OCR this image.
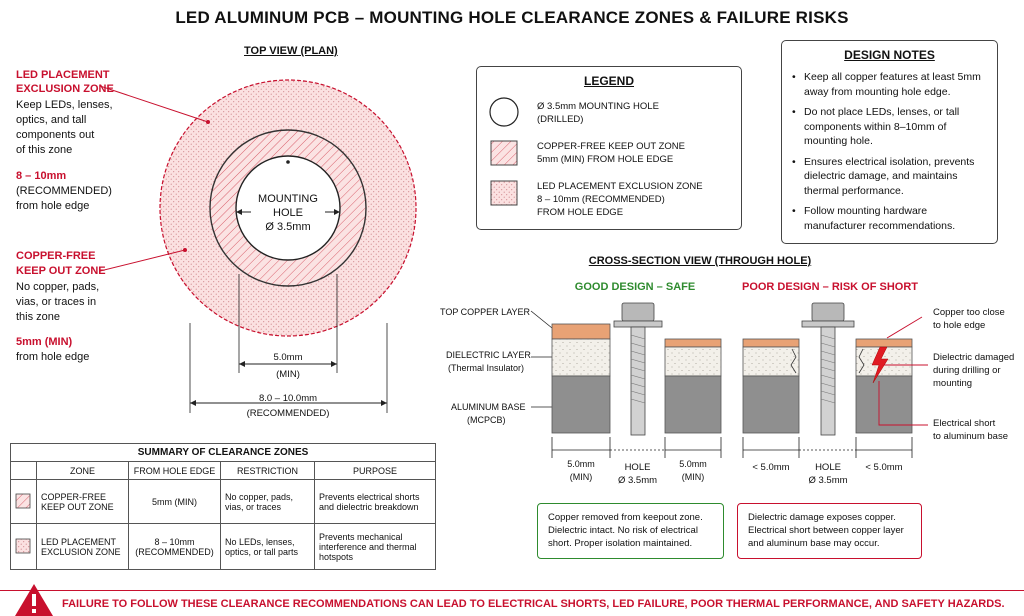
LED ALUMINUM PCB – MOUNTING HOLE CLEARANCE ZONES & FAILURE RISKS
TOP VIEW (PLAN)
MOUNTING
HOLE
Ø 3.5mm
5.0mm
(MIN)
8.0 – 10.0mm
(RECOMMENDED)
LED PLACEMENT
EXCLUSION ZONE
Keep LEDs, lenses,
optics, and tall
components out
of this zone
8 – 10mm
(RECOMMENDED)
from hole edge
COPPER-FREE
KEEP OUT ZONE
No copper, pads,
vias, or traces in
this zone
5mm (MIN)
from hole edge
LEGEND
Ø 3.5mm MOUNTING HOLE
(DRILLED)
COPPER-FREE KEEP OUT ZONE
5mm (MIN) FROM HOLE EDGE
LED PLACEMENT EXCLUSION ZONE
8 – 10mm (RECOMMENDED)
FROM HOLE EDGE
DESIGN NOTES
• Keep all copper features at least 5mm away from mounting hole edge.
• Do not place LEDs, lenses, or tall components within 8–10mm of mounting hole.
• Ensures electrical isolation, prevents dielectric damage, and maintains thermal performance.
• Follow mounting hardware manufacturer recommendations.
CROSS-SECTION VIEW (THROUGH HOLE)
GOOD DESIGN – SAFE	POOR DESIGN – RISK OF SHORT
TOP COPPER LAYER
DIELECTRIC LAYER
(Thermal Insulator)
ALUMINUM BASE
(MCPCB)
5.0mm
(MIN)
HOLE
Ø 3.5mm
5.0mm
(MIN)
< 5.0mm	HOLE
Ø 3.5mm
< 5.0mm
Copper too close
to hole edge
Dielectric damaged
during drilling or
mounting
Electrical short
to aluminum base
Copper removed from keepout zone. Dielectric intact. No risk of electrical short. Proper isolation maintained.
Dielectric damage exposes copper. Electrical short between copper layer and aluminum base may occur.
SUMMARY OF CLEARANCE ZONES				
	ZONE	FROM HOLE EDGE	RESTRICTION	PURPOSE
	COPPER-FREE KEEP OUT ZONE	5mm (MIN)	No copper, pads, vias, or traces	Prevents electrical shorts and dielectric breakdown
	LED PLACEMENT EXCLUSION ZONE	8 – 10mm (RECOMMENDED)	No LEDs, lenses, optics, or tall parts	Prevents mechanical interference and thermal hotspots
FAILURE TO FOLLOW THESE CLEARANCE RECOMMENDATIONS CAN LEAD TO ELECTRICAL SHORTS, LED FAILURE, POOR THERMAL PERFORMANCE, AND SAFETY HAZARDS.
